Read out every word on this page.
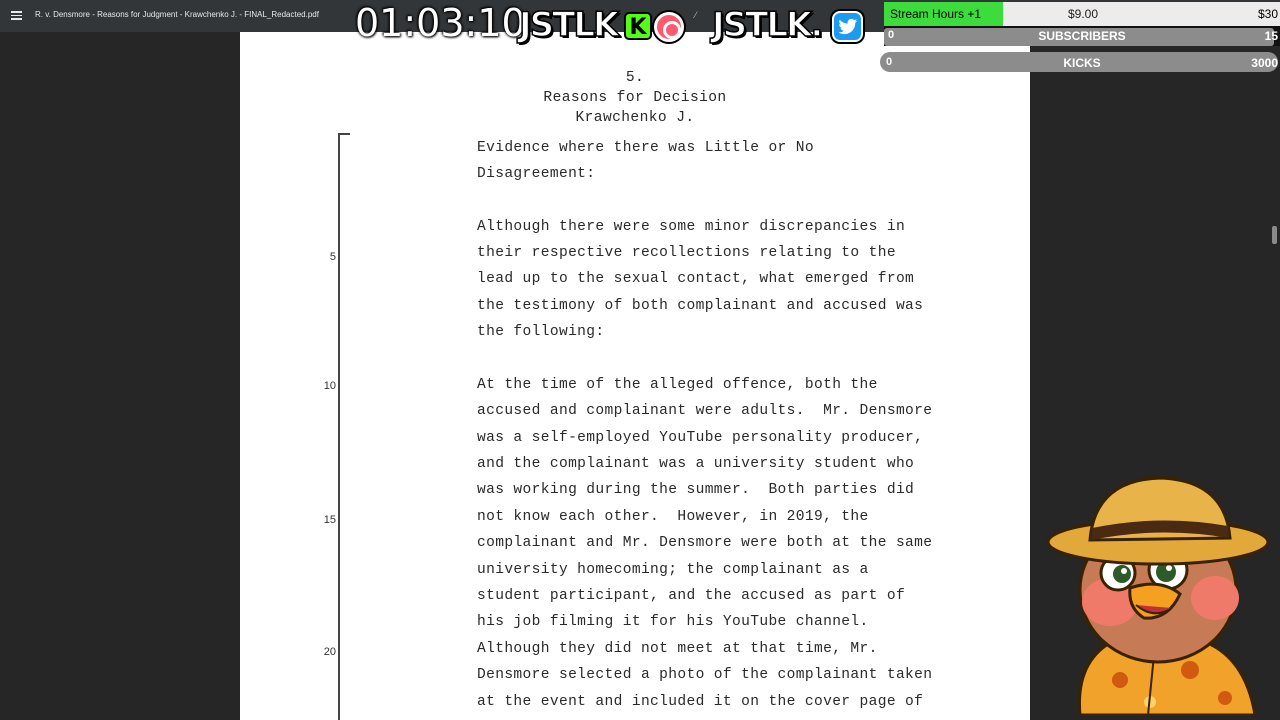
R. v. Densmore - Reasons for Judgment - Krawchenko J. - FINAL_Redacted.pdf
5.
Reasons for Decision
Krawchenko J.
5
10
15
20
Evidence where there was Little or No
Disagreement:
Although there were some minor discrepancies in
their respective recollections relating to the
lead up to the sexual contact, what emerged from
the testimony of both complainant and accused was
the following:
At the time of the alleged offence, both the
accused and complainant were adults.  Mr. Densmore
was a self-employed YouTube personality producer,
and the complainant was a university student who
was working during the summer.  Both parties did
not know each other.  However, in 2019, the
complainant and Mr. Densmore were both at the same
university homecoming; the complainant as a
student participant, and the accused as part of
his job filming it for his YouTube channel.
Although they did not meet at that time, Mr.
Densmore selected a photo of the complainant taken
at the event and included it on the cover page of
01:03:10
JSTLK K	⁄ JSTLK.	Stream Hours +1	$9.00	$30
0	SUBSCRIBERS	15
0	KICKS	3000
